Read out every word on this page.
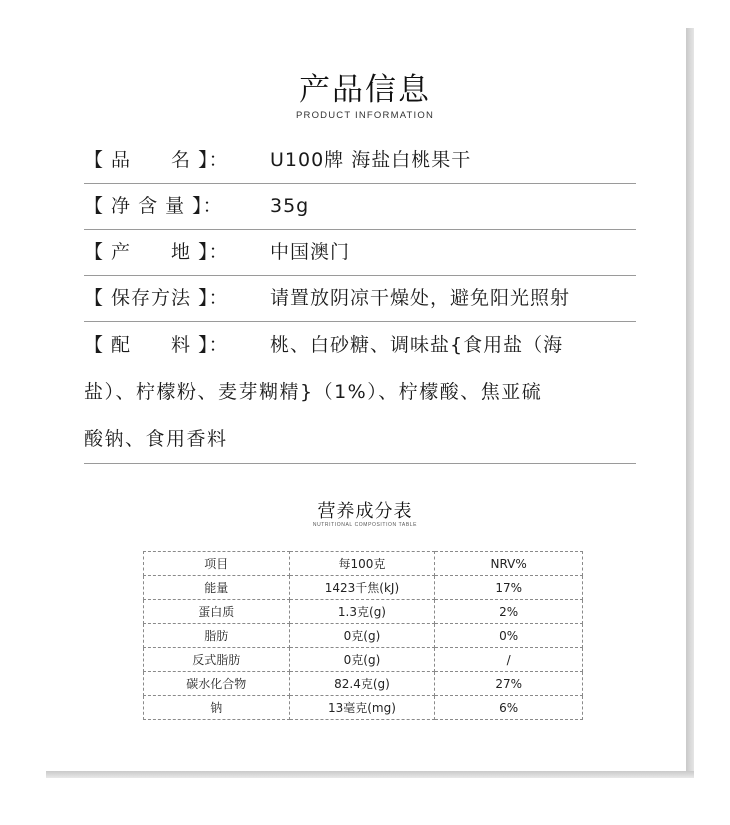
产品信息
PRODUCT INFORMATION
【 品　　名 】： U100牌 海盐白桃果干
【 净 含 量 】： 35g
【 产　　地 】： 中国澳门
【 保存方法 】： 请置放阴凉干燥处，避免阳光照射
【 配　　料 】： 桃、白砂糖、调味盐{食用盐（海
盐）、柠檬粉、麦芽糊精}（1%）、柠檬酸、焦亚硫
酸钠、食用香料
营养成分表
NUTRITIONAL COMPOSITION TABLE
项目	每100克	NRV%
能量	1423千焦(kJ)	17%
蛋白质	1.3克(g)	2%
脂肪	0克(g)	0%
反式脂肪	0克(g)	/
碳水化合物	82.4克(g)	27%
钠	13毫克(mg)	6%
